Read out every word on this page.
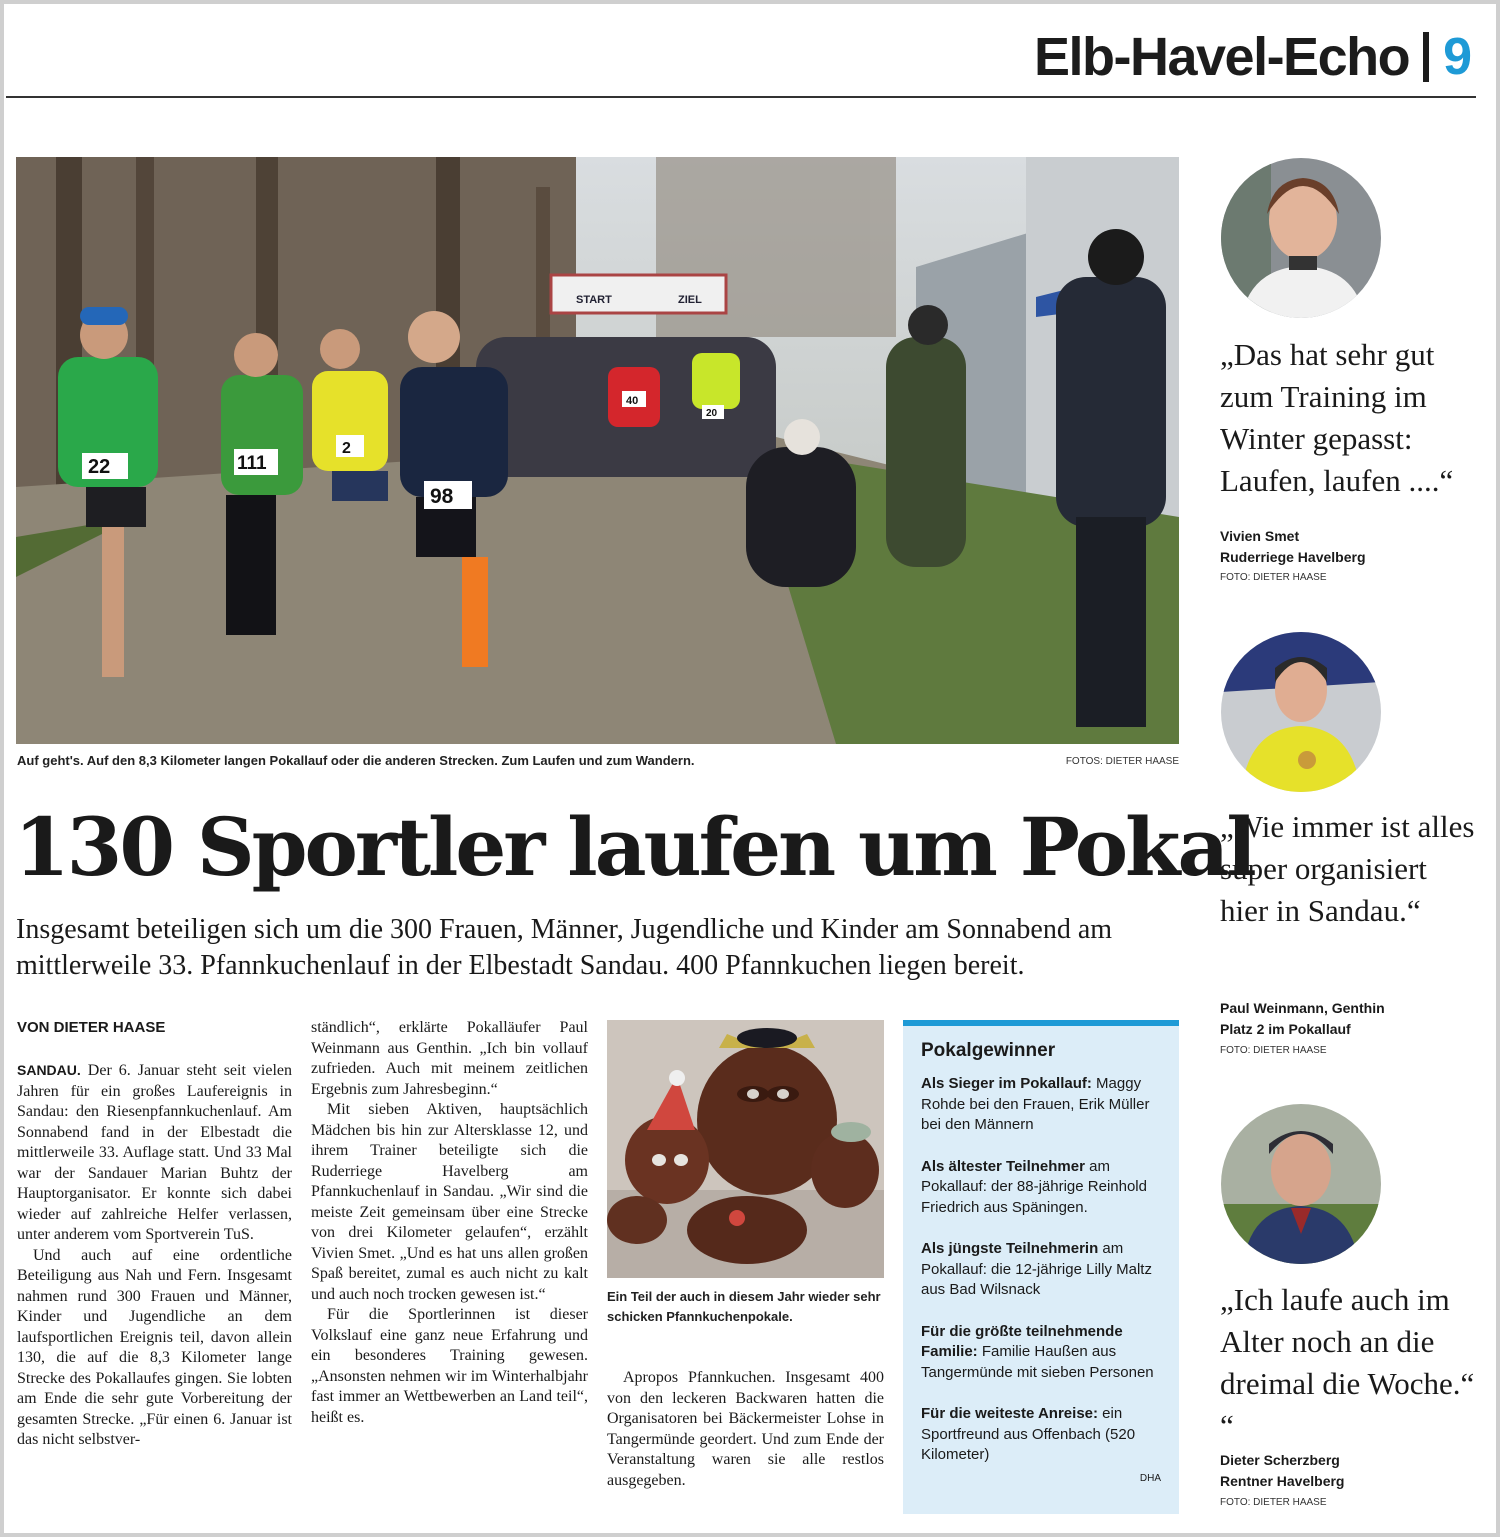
Elb-Havel-Echo 9
START	ZIEL
22	111
2
98
40
20
Auf geht's. Auf den 8,3 Kilometer langen Pokallauf oder die anderen Strecken. Zum Laufen und zum Wandern.	FOTOS: DIETER HAASE
130 Sportler laufen um Pokal

Insgesamt beteiligen sich um die 300 Frauen, Männer, Jugendliche und Kinder am Sonnabend am mittlerweile 33. Pfannkuchenlauf in der Elbestadt Sandau. 400 Pfannkuchen liegen bereit.

VON DIETER HAASE

SANDAU. Der 6. Januar steht seit vielen Jahren für ein großes Laufereignis in Sandau: den Riesenpfannkuchenlauf. Am Sonnabend fand in der Elbestadt die mittlerweile 33. Auflage statt. Und 33 Mal war der Sandauer Marian Buhtz der Hauptorganisator. Er konnte sich dabei wieder auf zahlreiche Helfer verlassen, unter anderem vom Sportverein TuS.

Und auch auf eine ordentliche Beteiligung aus Nah und Fern. Insgesamt nahmen rund 300 Frauen und Männer, Kinder und Jugendliche an dem laufsportlichen Ereignis teil, davon allein 130, die auf die 8,3 Kilometer lange Strecke des Pokallaufes gingen. Sie lobten am Ende die sehr gute Vorbereitung der gesamten Strecke. „Für einen 6. Januar ist das nicht selbstver-

ständlich“, erklärte Pokalläufer Paul Weinmann aus Genthin. „Ich bin vollauf zufrieden. Auch mit meinem zeitlichen Ergebnis zum Jahresbeginn.“

Mit sieben Aktiven, hauptsächlich Mädchen bis hin zur Altersklasse 12, und ihrem Trainer beteiligte sich die Ruderriege Havelberg am Pfannkuchenlauf in Sandau. „Wir sind die meiste Zeit gemeinsam über eine Strecke von drei Kilometer gelaufen“, erzählt Vivien Smet. „Und es hat uns allen großen Spaß bereitet, zumal es auch nicht zu kalt und auch noch trocken gewesen ist.“

Für die Sportlerinnen ist dieser Volkslauf eine ganz neue Erfahrung und ein besonderes Training gewesen. „Ansonsten nehmen wir im Winterhalbjahr fast immer an Wettbewerben an Land teil“, heißt es.

Ein Teil der auch in diesem Jahr wieder sehr schicken Pfannkuchenpokale.

Apropos Pfannkuchen. Insgesamt 400 von den leckeren Backwaren hatten die Organisatoren bei Bäckermeister Lohse in Tangermünde geordert. Und zum Ende der Veranstaltung waren sie alle restlos ausgegeben.

Pokalgewinner
Als Sieger im Pokallauf: Maggy Rohde bei den Frauen, Erik Müller bei den Männern
Als ältester Teilnehmer am Pokallauf: der 88-jährige Reinhold Friedrich aus Späningen.
Als jüngste Teilnehmerin am Pokallauf: die 12-jährige Lilly Maltz aus Bad Wilsnack
Für die größte teilnehmende Familie: Familie Haußen aus Tangermünde mit sieben Personen
Für die weiteste Anreise: ein Sportfreund aus Offenbach (520 Kilometer)
DHA
„Das hat sehr gut zum Training im Winter gepasst: Laufen, laufen ....“
Vivien Smet
Ruderriege Havelberg
FOTO: DIETER HAASE
„Wie immer ist alles super organisiert hier in Sandau.“
Paul Weinmann, Genthin
Platz 2 im Pokallauf
FOTO: DIETER HAASE
„Ich laufe auch im Alter noch an die dreimal die Woche.“ “
Dieter Scherzberg
Rentner Havelberg
FOTO: DIETER HAASE
